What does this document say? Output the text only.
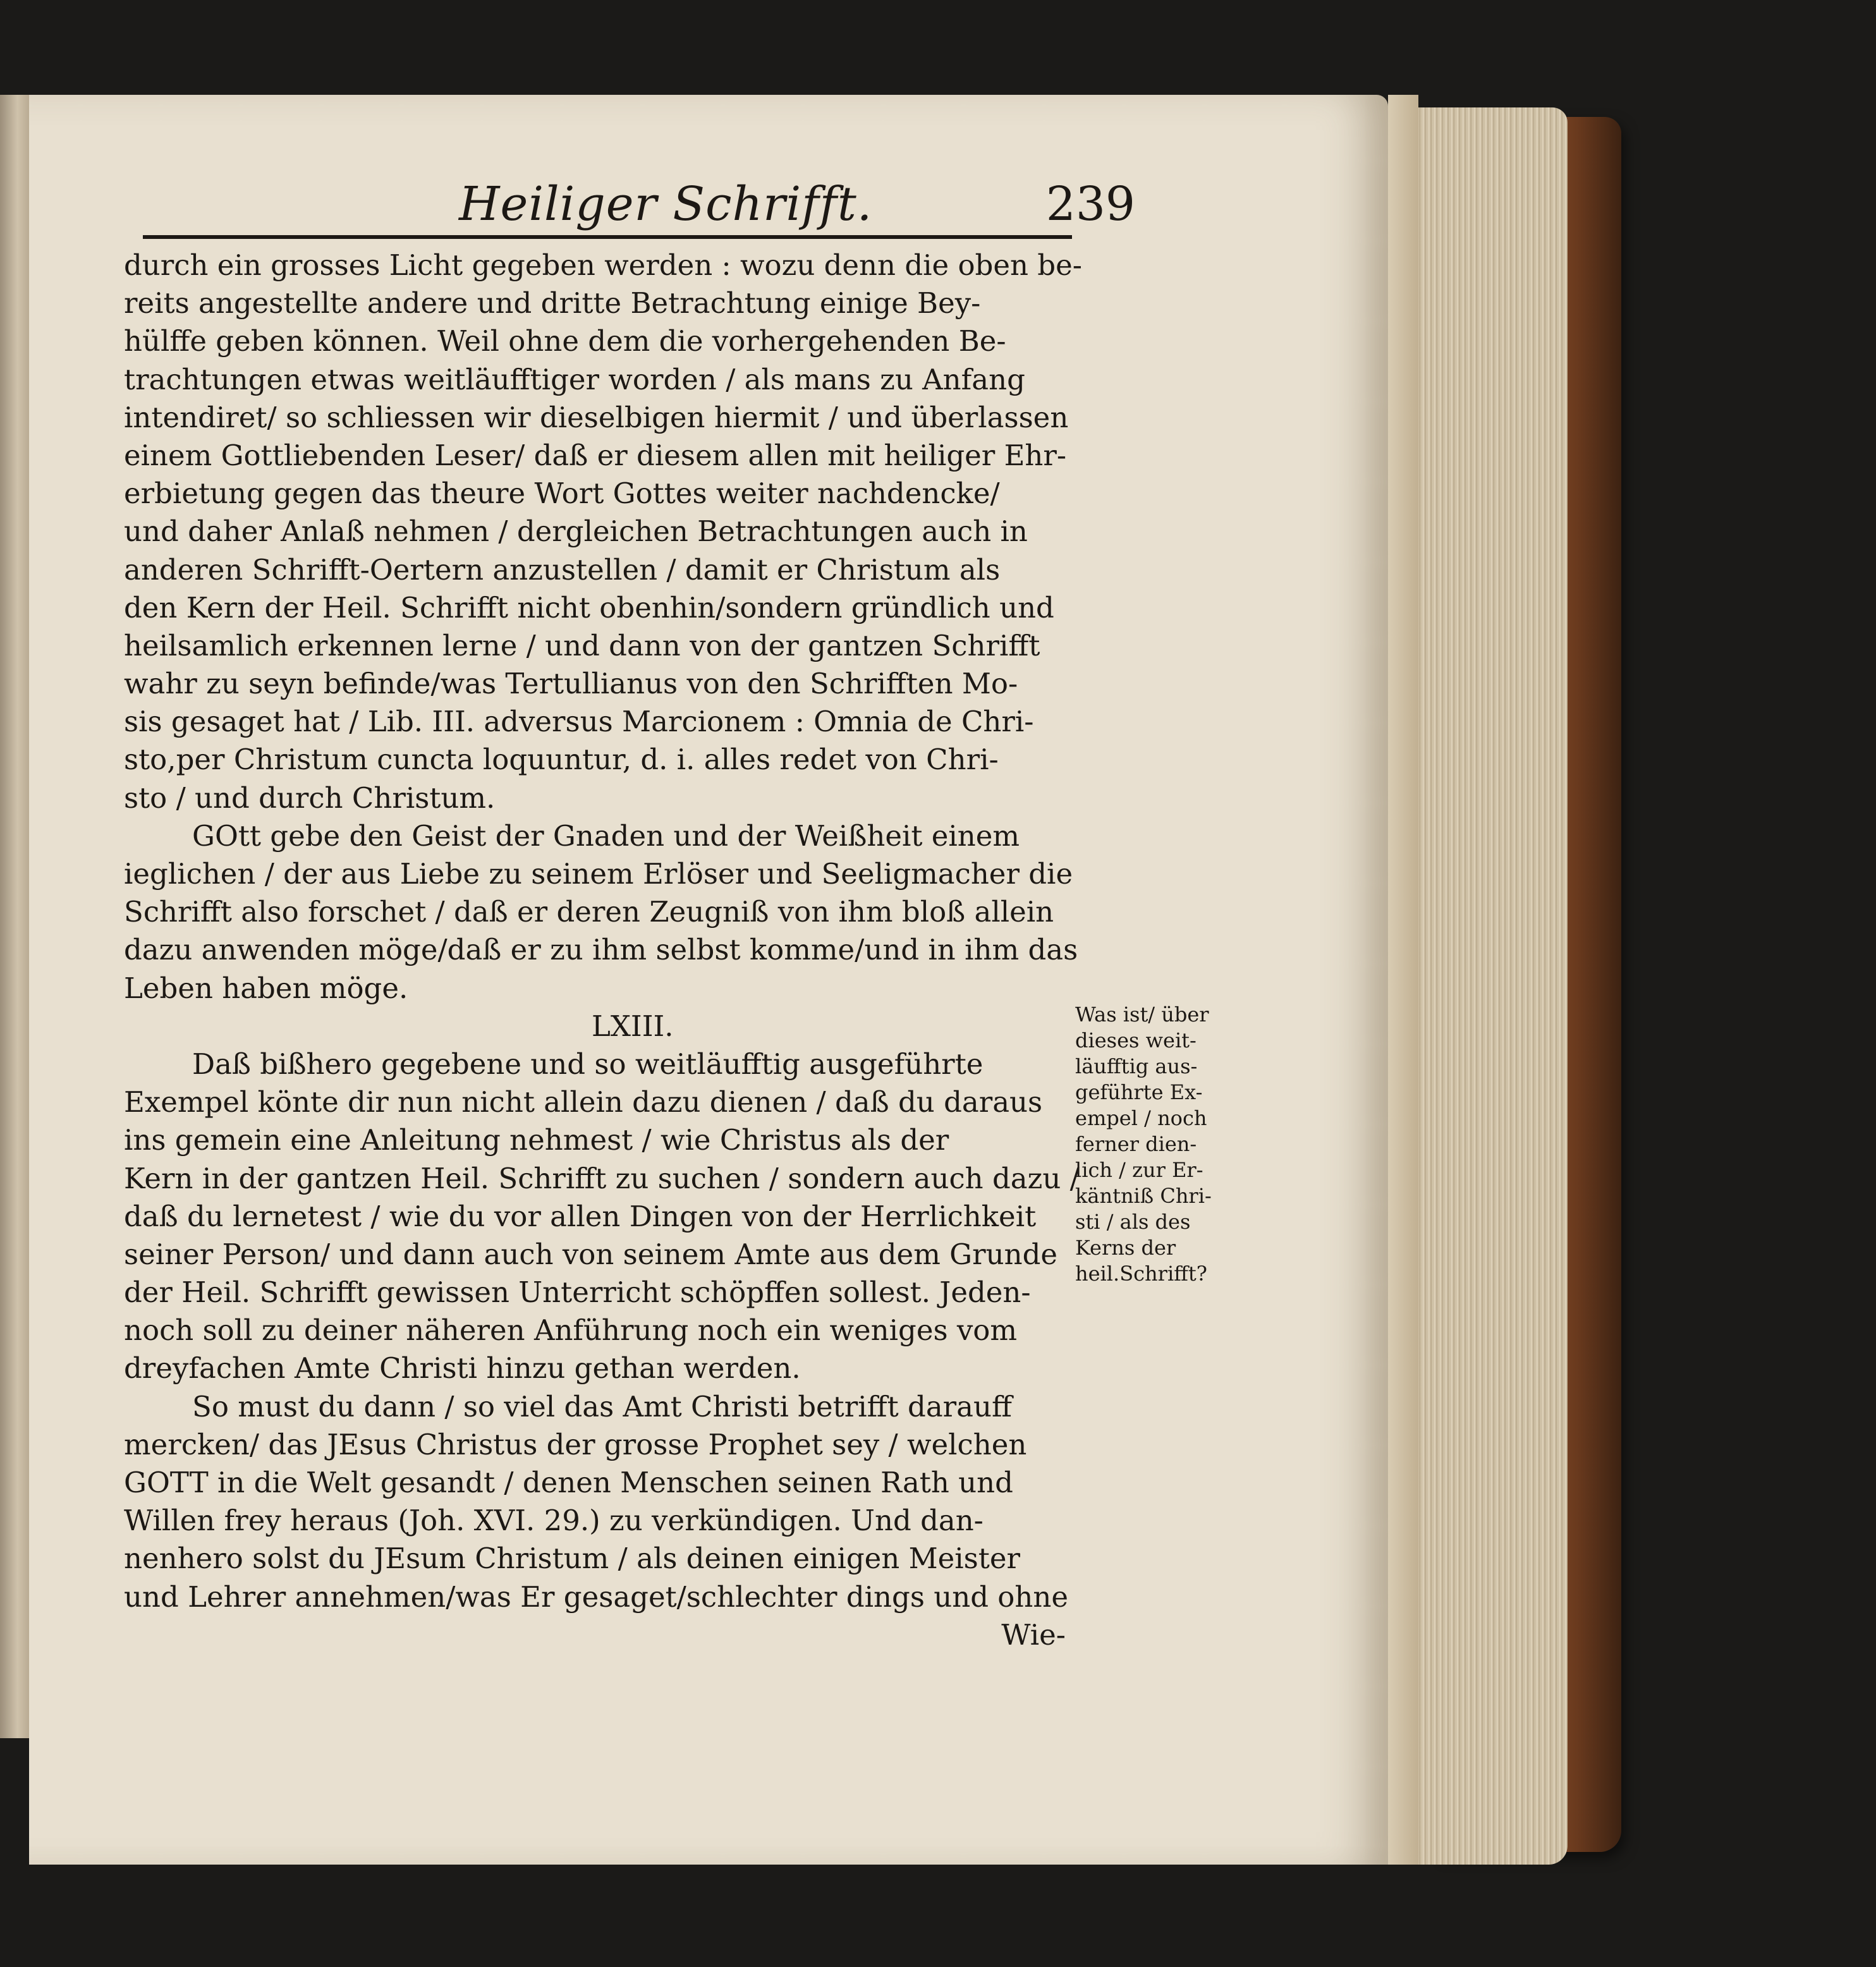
Heiliger Schrifft.	239
durch ein grosses Licht gegeben werden : wozu denn die oben be-
reits angestellte andere und dritte Betrachtung einige Bey-
hülffe geben können. Weil ohne dem die vorhergehenden Be-
trachtungen etwas weitläufftiger worden / als mans zu Anfang
intendiret/ so schliessen wir dieselbigen hiermit / und überlassen
einem Gottliebenden Leser/ daß er diesem allen mit heiliger Ehr-
erbietung gegen das theure Wort Gottes weiter nachdencke/
und daher Anlaß nehmen / dergleichen Betrachtungen auch in
anderen Schrifft-Oertern anzustellen / damit er Christum als
den Kern der Heil. Schrifft nicht obenhin/sondern gründlich und
heilsamlich erkennen lerne / und dann von der gantzen Schrifft
wahr zu seyn befinde/was Tertullianus von den Schrifften Mo-
sis gesaget hat / Lib. III. adversus Marcionem : Omnia de Chri-
sto,per Christum cuncta loquuntur, d. i. alles redet von Chri-
sto / und durch Christum.
GOtt gebe den Geist der Gnaden und der Weißheit einem
ieglichen / der aus Liebe zu seinem Erlöser und Seeligmacher die
Schrifft also forschet / daß er deren Zeugniß von ihm bloß allein
dazu anwenden möge/daß er zu ihm selbst komme/und in ihm das
Leben haben möge.
LXIII.
Daß bißhero gegebene und so weitläufftig ausgeführte
Exempel könte dir nun nicht allein dazu dienen / daß du daraus
ins gemein eine Anleitung nehmest / wie Christus als der
Kern in der gantzen Heil. Schrifft zu suchen / sondern auch dazu /
daß du lernetest / wie du vor allen Dingen von der Herrlichkeit
seiner Person/ und dann auch von seinem Amte aus dem Grunde
der Heil. Schrifft gewissen Unterricht schöpffen sollest. Jeden-
noch soll zu deiner näheren Anführung noch ein weniges vom
dreyfachen Amte Christi hinzu gethan werden.
So must du dann / so viel das Amt Christi betrifft darauff
mercken/ das JEsus Christus der grosse Prophet sey / welchen
GOTT in die Welt gesandt / denen Menschen seinen Rath und
Willen frey heraus (Joh. XVI. 29.) zu verkündigen. Und dan-
nenhero solst du JEsum Christum / als deinen einigen Meister
und Lehrer annehmen/was Er gesaget/schlechter dings und ohne
Wie-
Was ist/ über
dieses weit-
läufftig aus-
geführte Ex-
empel / noch
ferner dien-
lich / zur Er-
käntniß Chri-
sti / als des
Kerns der
heil.Schrifft?
